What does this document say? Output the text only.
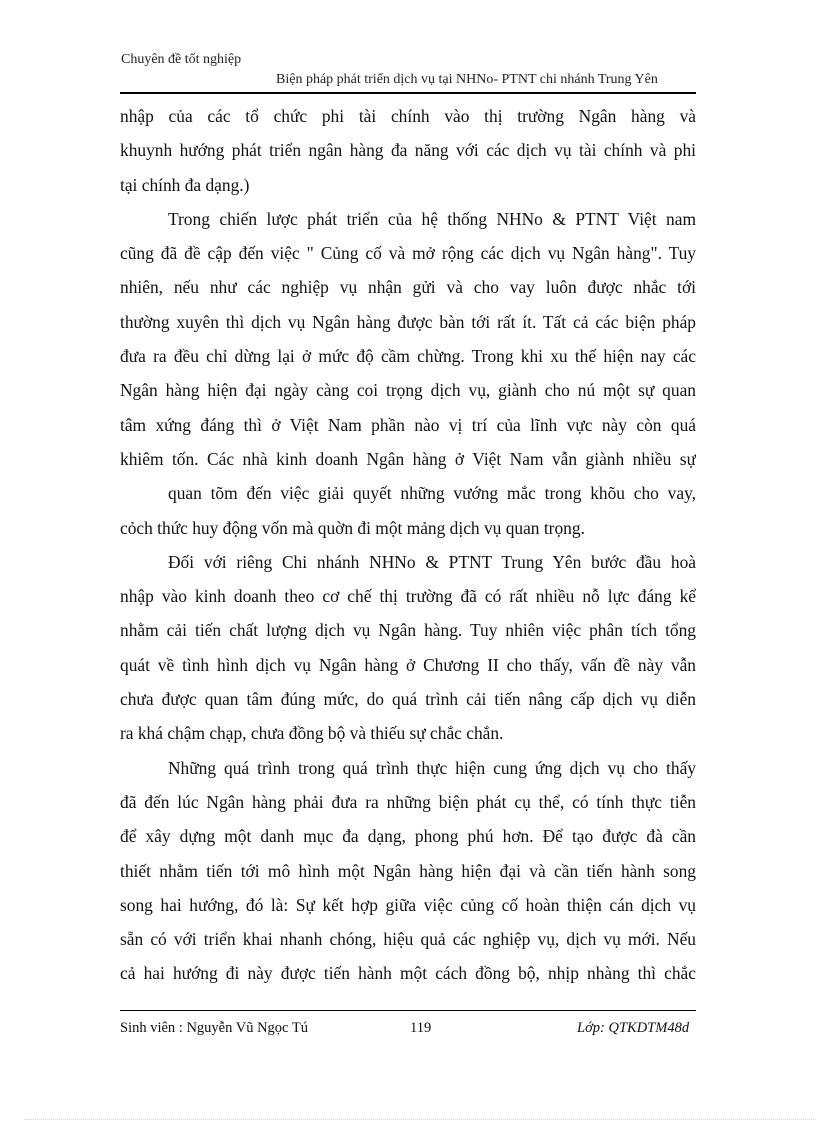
Chuyên đề tốt nghiệp
Biện pháp phát triển dịch vụ tại NHNo- PTNT chi nhánh Trung Yên
nhập của các tổ chức phi tài chính vào thị trường Ngân hàng và
khuynh hướng phát triển ngân hàng đa năng với các dịch vụ tài chính và phi
tại chính đa dạng.)
Trong chiến lược phát triển của hệ thống NHNo & PTNT Việt nam
cũng đã đề cập đến việc " Củng cố và mở rộng các dịch vụ Ngân hàng". Tuy
nhiên, nếu như các nghiệp vụ nhận gửi và cho vay luôn được nhắc tới
thường xuyên thì dịch vụ Ngân hàng được bàn tới rất ít. Tất cả các biện pháp
đưa ra đều chỉ dừng lại ở mức độ cầm chừng. Trong khi xu thế hiện nay các
Ngân hàng hiện đại ngày càng coi trọng dịch vụ, giành cho nú một sự quan
tâm xứng đáng thì ở Việt Nam phần nào vị trí của lĩnh vực này còn quá
khiêm tốn. Các nhà kinh doanh Ngân hàng ở Việt Nam vẫn giành nhiều sự
quan tõm đến việc giải quyết những vướng mắc trong khõu cho vay,
cỏch thức huy động vốn mà quờn đi một mảng dịch vụ quan trọng.
Đối với riêng Chi nhánh NHNo & PTNT Trung Yên bước đầu hoà
nhập vào kinh doanh theo cơ chế thị trường đã có rất nhiều nỗ lực đáng kể
nhằm cải tiến chất lượng dịch vụ Ngân hàng. Tuy nhiên việc phân tích tổng
quát về tình hình dịch vụ Ngân hàng ở Chương II cho thấy, vấn đề này vẫn
chưa được quan tâm đúng mức, do quá trình cải tiến nâng cấp dịch vụ diễn
ra khá chậm chạp, chưa đồng bộ và thiếu sự chắc chắn.
Những quá trình trong quá trình thực hiện cung ứng dịch vụ cho thấy
đã đến lúc Ngân hàng phải đưa ra những biện phát cụ thể, có tính thực tiễn
để xây dựng một danh mục đa dạng, phong phú hơn. Để tạo được đà cần
thiết nhằm tiến tới mô hình một Ngân hàng hiện đại và cần tiến hành song
song hai hướng, đó là: Sự kết hợp giữa việc củng cố hoàn thiện cán dịch vụ
sẵn có với triển khai nhanh chóng, hiệu quả các nghiệp vụ, dịch vụ mới. Nếu
cả hai hướng đi này được tiến hành một cách đồng bộ, nhịp nhàng thì chắc
Sinh viên : Nguyễn Vũ Ngọc Tú	119	Lớp: QTKDTM48d
